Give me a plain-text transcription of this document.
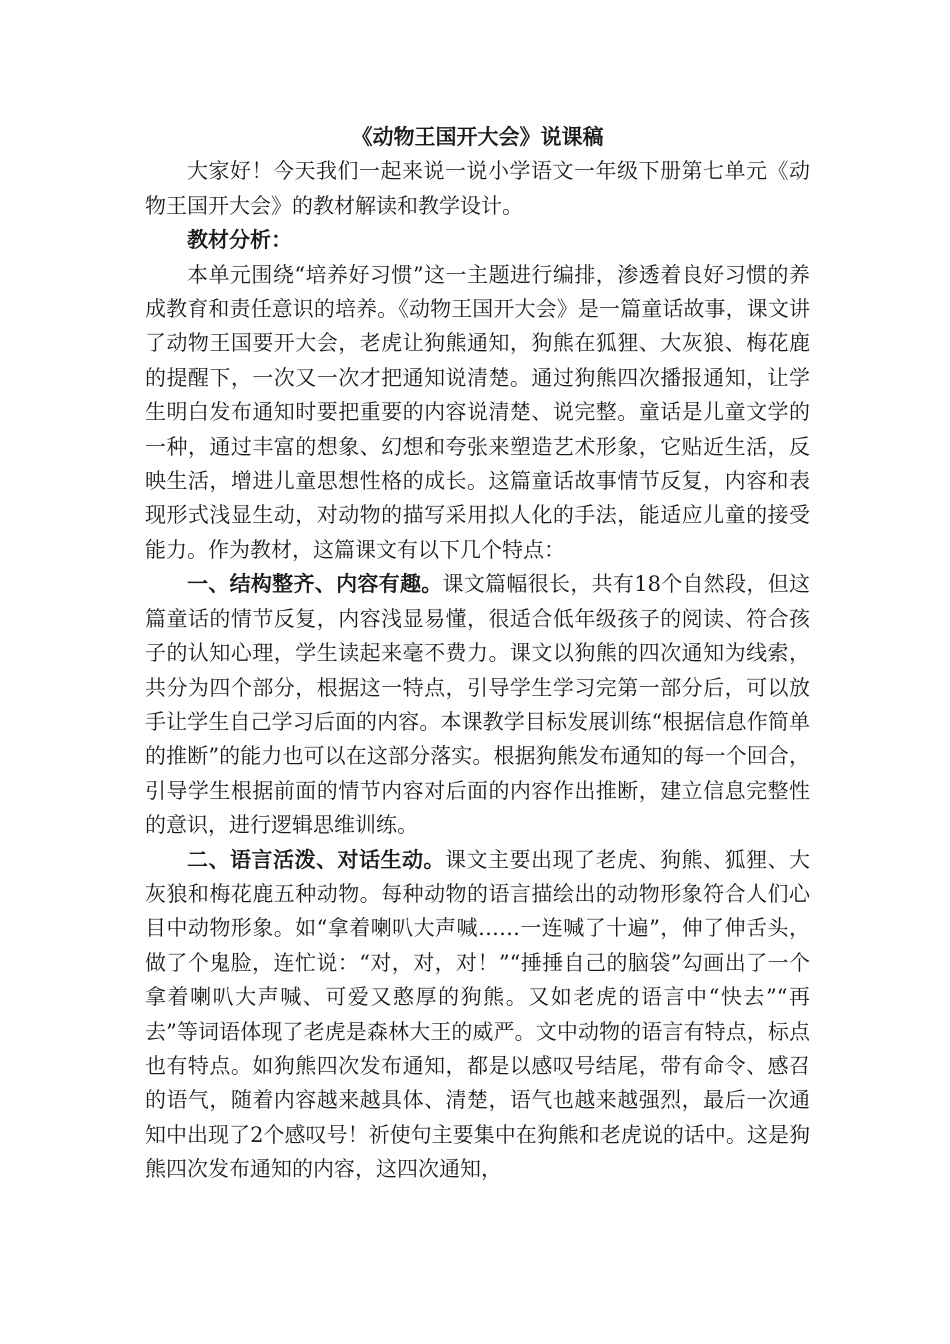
《动物王国开大会》说课稿

大家好！今天我们一起来说一说小学语文一年级下册第七单元《动物王国开大会》的教材解读和教学设计。

教材分析：

本单元围绕“培养好习惯”这一主题进行编排，渗透着良好习惯的养成教育和责任意识的培养。《动物王国开大会》是一篇童话故事，课文讲了动物王国要开大会，老虎让狗熊通知，狗熊在狐狸、大灰狼、梅花鹿的提醒下，一次又一次才把通知说清楚。通过狗熊四次播报通知，让学生明白发布通知时要把重要的内容说清楚、说完整。童话是儿童文学的一种，通过丰富的想象、幻想和夸张来塑造艺术形象，它贴近生活，反映生活，增进儿童思想性格的成长。这篇童话故事情节反复，内容和表现形式浅显生动，对动物的描写采用拟人化的手法，能适应儿童的接受能力。作为教材，这篇课文有以下几个特点：

一、结构整齐、内容有趣。课文篇幅很长，共有18个自然段，但这篇童话的情节反复，内容浅显易懂，很适合低年级孩子的阅读、符合孩子的认知心理，学生读起来毫不费力。课文以狗熊的四次通知为线索，共分为四个部分，根据这一特点，引导学生学习完第一部分后，可以放手让学生自己学习后面的内容。本课教学目标发展训练“根据信息作简单的推断”的能力也可以在这部分落实。根据狗熊发布通知的每一个回合，引导学生根据前面的情节内容对后面的内容作出推断，建立信息完整性的意识，进行逻辑思维训练。

二、语言活泼、对话生动。课文主要出现了老虎、狗熊、狐狸、大灰狼和梅花鹿五种动物。每种动物的语言描绘出的动物形象符合人们心目中动物形象。如“拿着喇叭大声喊……一连喊了十遍”，伸了伸舌头，做了个鬼脸，连忙说：“对，对，对！”“捶捶自己的脑袋”勾画出了一个拿着喇叭大声喊、可爱又憨厚的狗熊。又如老虎的语言中“快去”“再去”等词语体现了老虎是森林大王的威严。文中动物的语言有特点，标点也有特点。如狗熊四次发布通知，都是以感叹号结尾，带有命令、感召的语气，随着内容越来越具体、清楚，语气也越来越强烈，最后一次通知中出现了2个感叹号！祈使句主要集中在狗熊和老虎说的话中。这是狗熊四次发布通知的内容，这四次通知，
